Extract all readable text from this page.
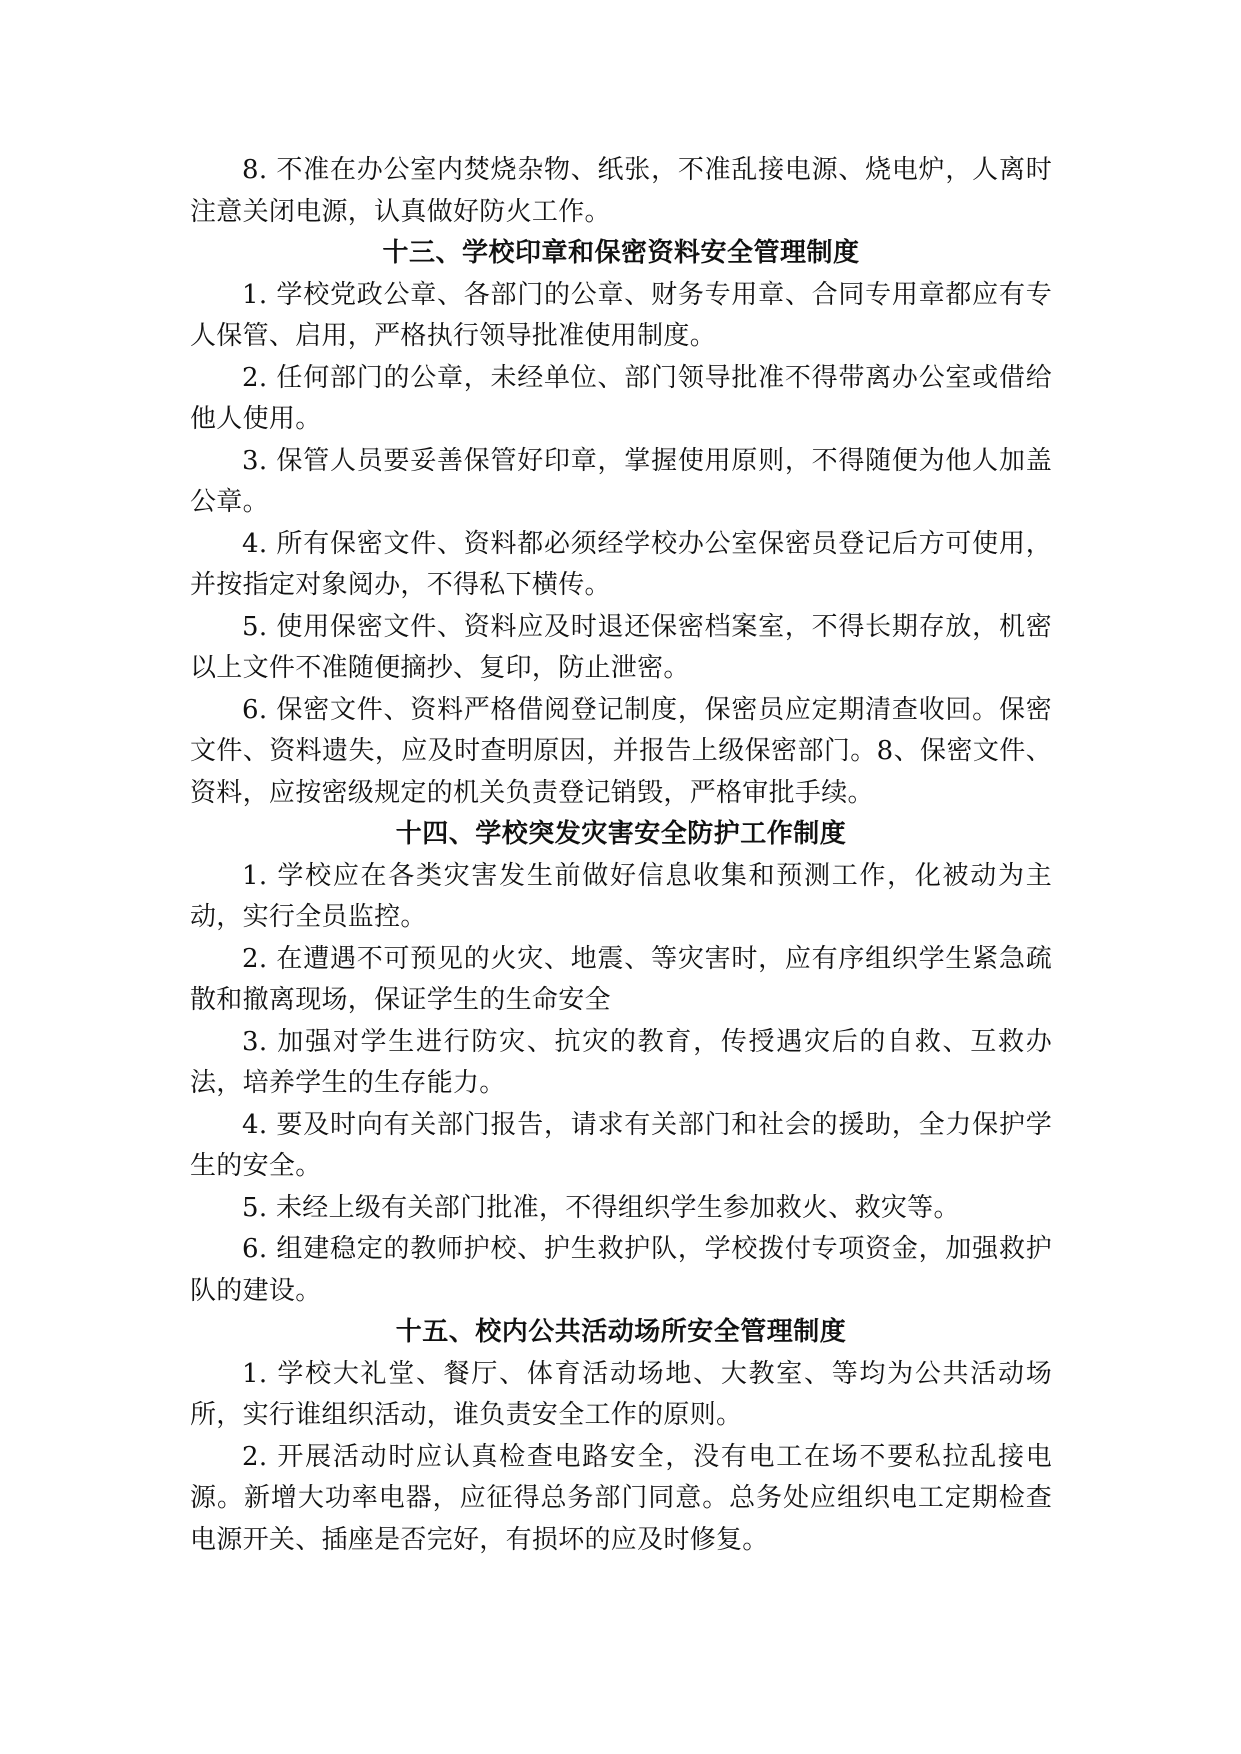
8. 不准在办公室内焚烧杂物、纸张，不准乱接电源、烧电炉，人离时注意关闭电源，认真做好防火工作。

十三、学校印章和保密资料安全管理制度

1. 学校党政公章、各部门的公章、财务专用章、合同专用章都应有专人保管、启用，严格执行领导批准使用制度。

2. 任何部门的公章，未经单位、部门领导批准不得带离办公室或借给他人使用。

3. 保管人员要妥善保管好印章，掌握使用原则，不得随便为他人加盖公章。

4. 所有保密文件、资料都必须经学校办公室保密员登记后方可使用，并按指定对象阅办，不得私下横传。

5. 使用保密文件、资料应及时退还保密档案室，不得长期存放，机密以上文件不准随便摘抄、复印，防止泄密。

6. 保密文件、资料严格借阅登记制度，保密员应定期清查收回。保密文件、资料遗失，应及时查明原因，并报告上级保密部门。8、保密文件、资料，应按密级规定的机关负责登记销毁，严格审批手续。

十四、学校突发灾害安全防护工作制度

1. 学校应在各类灾害发生前做好信息收集和预测工作，化被动为主动，实行全员监控。

2. 在遭遇不可预见的火灾、地震、等灾害时，应有序组织学生紧急疏散和撤离现场，保证学生的生命安全

3. 加强对学生进行防灾、抗灾的教育，传授遇灾后的自救、互救办法，培养学生的生存能力。

4. 要及时向有关部门报告，请求有关部门和社会的援助，全力保护学生的安全。

5. 未经上级有关部门批准，不得组织学生参加救火、救灾等。

6. 组建稳定的教师护校、护生救护队，学校拨付专项资金，加强救护队的建设。

十五、校内公共活动场所安全管理制度

1. 学校大礼堂、餐厅、体育活动场地、大教室、等均为公共活动场所，实行谁组织活动，谁负责安全工作的原则。

2. 开展活动时应认真检查电路安全，没有电工在场不要私拉乱接电源。新增大功率电器，应征得总务部门同意。总务处应组织电工定期检查电源开关、插座是否完好，有损坏的应及时修复。
